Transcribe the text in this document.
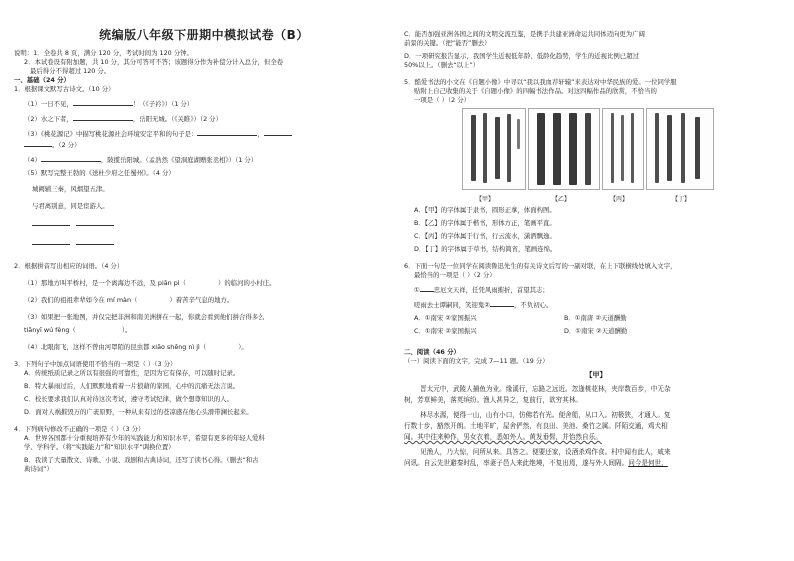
统编版八年级下册期中模拟试卷（B）

说明：1．全卷共 8 页，满分 120 分，考试时间为 120 分钟。

2．本试卷设有附加题，共 10 分，其分可答可不答；该题得分作为补偿分计入总分，但全卷

最后得分不得超过 120 分。

一、基础（24 分）

1．根据课文默写古诗文。（10 分）

（1）一日不见，	！（《子衿》）（1 分）

（2）水之下者，	，岳阳无城。（《关睢》）（2 分）

（3）《桃花源记》中描写桃花源社会环境安定平和的句子是：	，

。（2 分）

（4）	，陂揽岳阳城。（孟浩然《望洞庭湖赠张丞相》）（1 分）

（5）默写完整王勃的《送杜少府之任蜀州》。（4 分）

城阙辅三秦，风烟望五津。

与君离别意，同是宦游人。

2．根据拼音写出相应的词语。（4 分）

（1）那地方叫平桥村，是一个离海边不远，及 piān pì（	）的临河的小村庄。

（2）我们的祖祖辈辈如今在 mí màn（	）着苦辛气息的地方。

（3）如果把一张地图，并仅完把非洲和南美洲拼在一起，你就会看到他们拼合得多么

tiānyī wú fèng（	）。

（4）北眼南飞，这样不曾由河罩陌的昆虫都 xiāo shēng nì jì（	）。

3．下列句子中加点词语使用不恰当的一项是（ ）（3 分）

A．传统纸质记录之所以有很强的可靠性，是因为它有保存，可以随时记录。

B．特大暴雨过后，人们默默地看着一片狼藉的家园，心中的沉痛无法言说。

C．校长要求我们认真对待这次考试，遵守考试纪律，做个想尊知识的人。

D．面对人祸摧毁万的广袤原野，一种从来有过的苍凉感在他心头滑带澜长起来。

4．下列病句修改不正确的一项是（ ）（3 分）

A．世界各国都十分重视培养有少年的实践能力和知识水平，希望有更多的年轻人爱科

学、学科学。（将“实践能力”和“知识水平”调换位置）

B．我读了大量散文、诗歌、小说、戏剧和古典诗词，还写了读书心得。（删去“和古

典诗词”）

C．能否加强亚洲各国之间的文明交流互鉴，是携手共建亚洲命运共同体迈向更为广阔

前景的关键。（把“能否”删去）

D．一项研究报告显示，我国学生近视低年龄、低龄化趋势，学生的近视比例已超过

50%以上。（删去“以上”）

5．酷爱书法的小文在《自题小像》中寻以“我以我血荐轩辕”来表达对中华民族的爱。一位同学服

贴附上自己收集的关于《自题小像》的四幅书法作品。对这四幅作品的欣赏，不恰当的

一项是（ ）（2 分）

【甲】	【乙】	【丙】	【丁】

A．【甲】的字体属于隶书，圆形正拿，体面构图。

B．【乙】的字体属于楷书，形体方正，笔画平直。

C．【丙】的字体属于行书，行云流水，潇洒飘逸。

D．【丁】的字体属于草书，结构简省，笔画连绵。

6．下面一句是一位同学在阅读鲁迅先生的有关诗文后写的一副对联，在上下联横线处填入文字，

最恰当的一项是（ ）（2 分）

① 忠厄文天祥，任凭风雨摧折，首望其志；

嗟雨去士谭嗣同，笑迎鬼②	，不负初心。

A．①南宋 ②家国振兴	B．①南唐 ②天道酬勤

C．①南宋 ②家国振兴	D．①南宋 ②天道酬勤

二、阅读（46 分）

（一）阅读下面的文字，完成 7—11 题。（19 分）

【甲】

晋太元中，武陵人捕鱼为业。缘溪行，忘路之远近。忽逢桃花林，夹岸数百步，中无杂

树，芳草鲜美，落英缤纷。渔人甚异之，复前行，欲穷其林。

林尽水源，便得一山，山有小口，仿佛若有光。便舍船，从口入。初极狭，才通人。复

行数十步，豁然开朗。土地平旷，屋舍俨然，有良田、美池、桑竹之属。阡陌交通，鸡犬相

闻。其中往来种作，男女衣着，悉如外人。黄发垂髫，并怡然自乐。

见渔人，乃大惊，问所从来。具答之。便要还家，设酒杀鸡作食。村中闻有此人，咸来

问讯。自云先世避秦时乱，率妻子邑人来此绝境，不复出焉，遂与外人间隔。问今是何世，
